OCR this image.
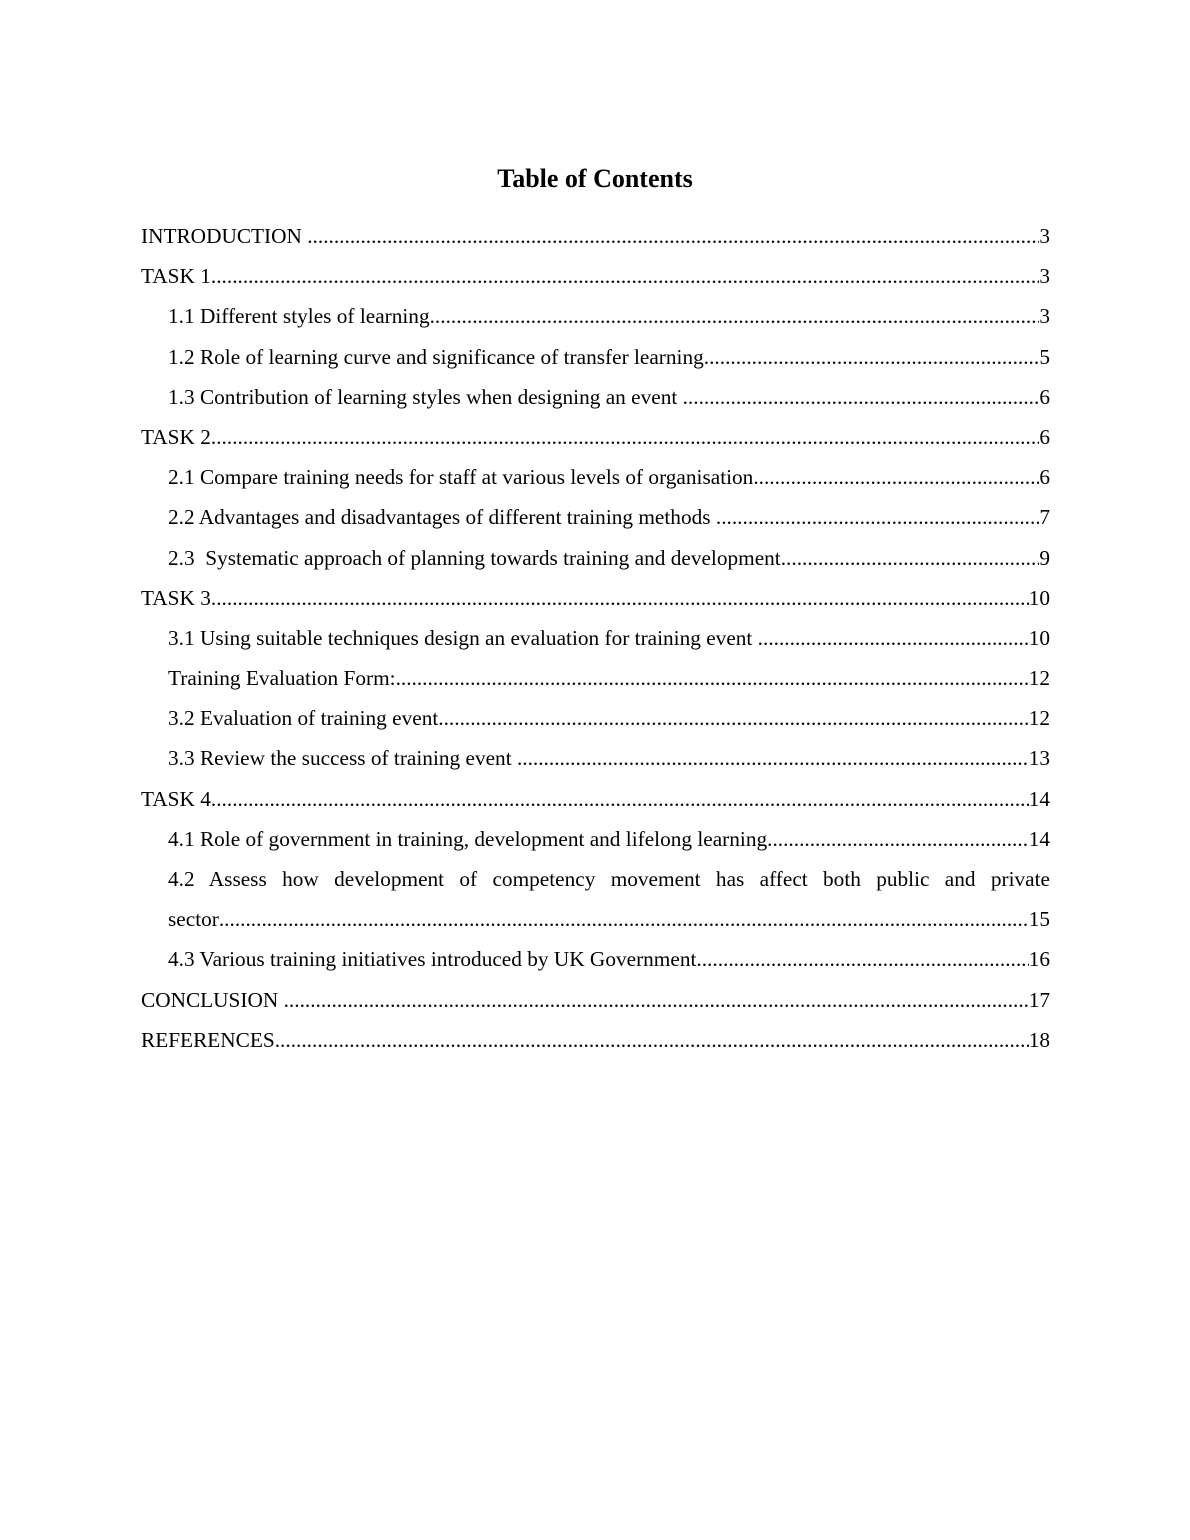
Table of Contents
INTRODUCTION .....	3
TASK 1 .....	3
1.1 Different styles of learning .....	3
1.2 Role of learning curve and significance of transfer learning .....	5
1.3 Contribution of learning styles when designing an event .....	6
TASK 2 .....	6
2.1 Compare training needs for staff at various levels of organisation .....	6
2.2 Advantages and disadvantages of different training methods .....	7
2.3  Systematic approach of planning towards training and development .....	9
TASK 3 .....	10
3.1 Using suitable techniques design an evaluation for training event .....	10
Training Evaluation Form: .....	12
3.2 Evaluation of training event .....	12
3.3 Review the success of training event .....	13
TASK 4 .....	14
4.1 Role of government in training, development and lifelong learning .....	14
4.2 Assess how development of competency movement has affect both public and private
sector .....	15
4.3 Various training initiatives introduced by UK Government .....	16
CONCLUSION .....	17
REFERENCES .....	18
